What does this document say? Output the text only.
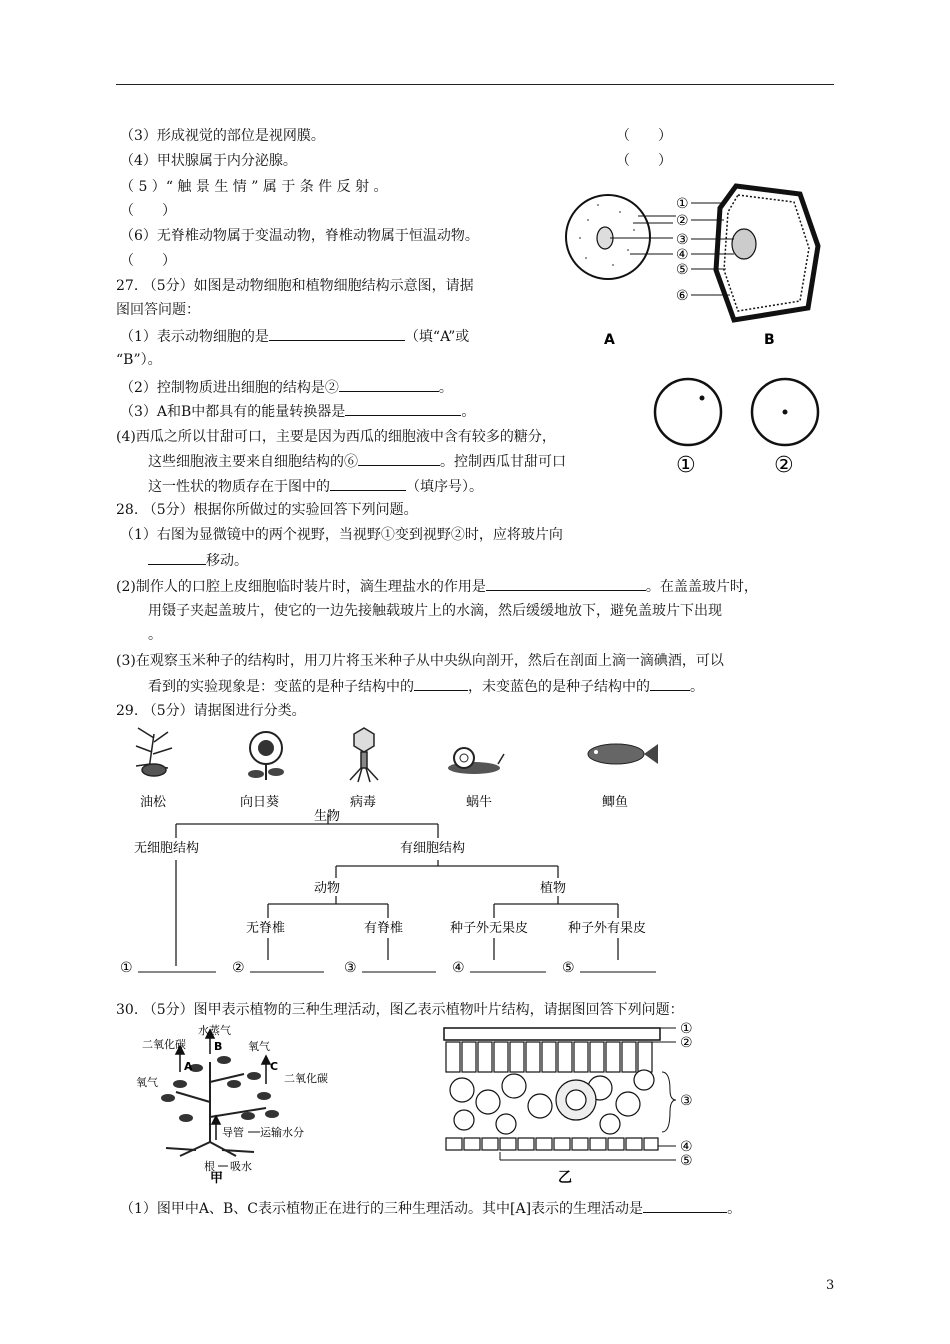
（3）形成视觉的部位是视网膜。	（　　）
（4）甲状腺属于内分泌腺。	（　　）
（ 5 ）“ 触 景 生 情 ” 属 于 条 件 反 射 。
（　　）
（6）无脊椎动物属于变温动物，脊椎动物属于恒温动物。
（　　）
27. （5分）如图是动物细胞和植物细胞结构示意图，请据
图回答问题：
（1）表示动物细胞的是	（填“A”或
“B”）。
（2）控制物质进出细胞的结构是②	。
（3）A和B中都具有的能量转换器是	。
(4)西瓜之所以甘甜可口，主要是因为西瓜的细胞液中含有较多的糖分，
这些细胞液主要来自细胞结构的⑥	。控制西瓜甘甜可口
这一性状的物质存在于图中的	（填序号）。
①
②
③
④
⑤
⑥
A	B
①	②
28. （5分）根据你所做过的实验回答下列问题。
（1）右图为显微镜中的两个视野，当视野①变到视野②时，应将玻片向
移动。
(2)制作人的口腔上皮细胞临时装片时，滴生理盐水的作用是	。在盖盖玻片时，
用镊子夹起盖玻片，使它的一边先接触载玻片上的水滴，然后缓缓地放下，避免盖玻片下出现
。
(3)在观察玉米种子的结构时，用刀片将玉米种子从中央纵向剖开，然后在剖面上滴一滴碘酒，可以
看到的实验现象是：变蓝的是种子结构中的	，未变蓝色的是种子结构中的	。
29. （5分）请据图进行分类。
油松	向日葵	病毒	蜗牛	鲫鱼
生物
无细胞结构	有细胞结构
动物	植物
无脊椎	有脊椎	种子外无果皮	种子外有果皮
①	②	③	④	⑤
30. （5分）图甲表示植物的三种生理活动，图乙表示植物叶片结构，请据图回答下列问题：
水蒸气
二氧化碳	氧气
氧气	二氧化碳
A
B
C
导管 运输水分
根 吸水
甲
①
②
③
④
⑤
乙
（1）图甲中A、B、C表示植物正在进行的三种生理活动。其中[A]表示的生理活动是	。
3
